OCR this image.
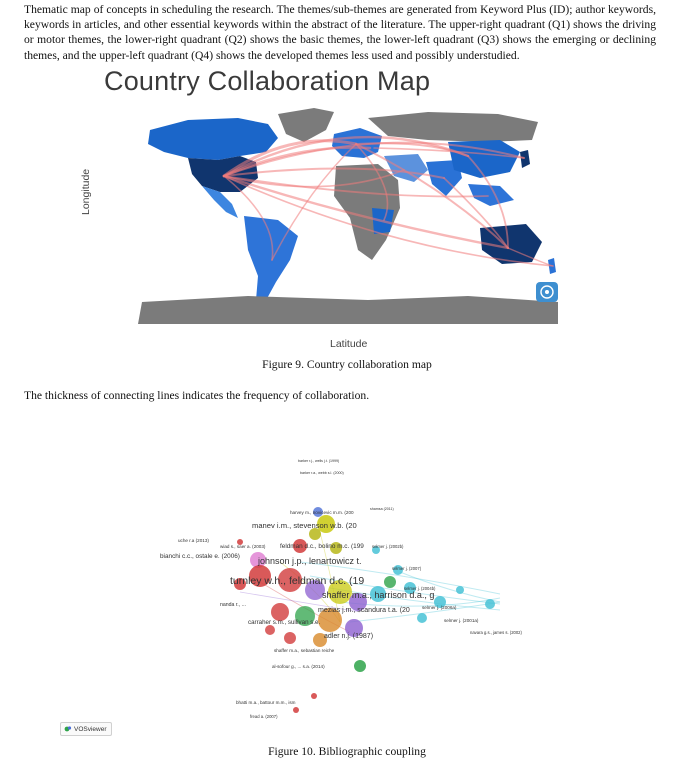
Thematic map of concepts in scheduling the research. The themes/sub-themes are generated from Keyword Plus (ID); author keywords, keywords in articles, and other essential keywords within the abstract of the literature. The upper-right quadrant (Q1) shows the driving or motor themes, the lower-right quadrant (Q2) shows the basic themes, the lower-left quadrant (Q3) shows the emerging or declining themes, and the upper-left quadrant (Q4) shows the developed themes less used and possibly understudied.

Country Collaboration Map
Longitude
Latitude
Figure 9. Country collaboration map

The thickness of connecting lines indicates the frequency of collaboration.

barker r.j., wells j.t. (1999)
barker r.a., webb s.l. (2000)
harvey m., novicevic m.m. (200
shamsa (2011)
manev i.m., stevenson w.b. (20
uche r.a (2013)
wiad s., saer a. (2003) feldman d.c., bolino m.c. (199 selmer j. (2002b)
bianchi c.c., ostale e. (2006) johnson j.p., lenartowicz t.
selmer j. (2007)
turnley w.h., feldman d.c. (19
selmer j. (2004b)
shaffer m.a., harrison d.a., g
selmer j. (2006a)
nanda r., ...
mezias j.m., scandura t.a. (20
selmer j. (2001a)
carraher s.m., sullivan s.e.
navara g.s., james s. (2002)
adler n.j. (1987)
shaffer m.a., sebastian reiche
al-sofour g., ... s.a. (2014)
bhatti m.a., battour m.m., ism
fread a. (2007)
VOSviewer
Figure 10. Bibliographic coupling
